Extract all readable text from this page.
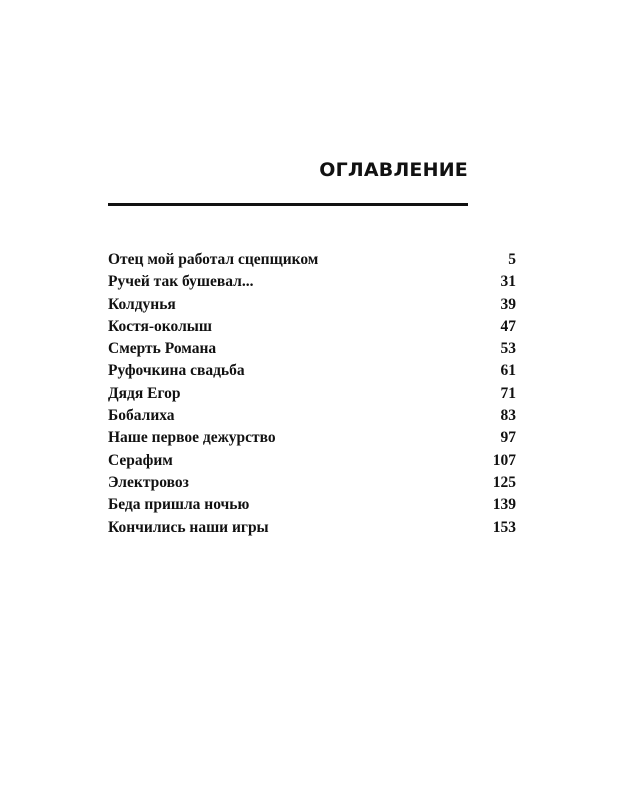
ОГЛАВЛЕНИЕ
Отец мой работал сцепщиком	5
Ручей так бушевал...	31
Колдунья	39
Костя-околыш	47
Смерть Романа	53
Руфочкина свадьба	61
Дядя Егор	71
Бобалиха	83
Наше первое дежурство	97
Серафим	107
Электровоз	125
Беда пришла ночью	139
Кончились наши игры	153
